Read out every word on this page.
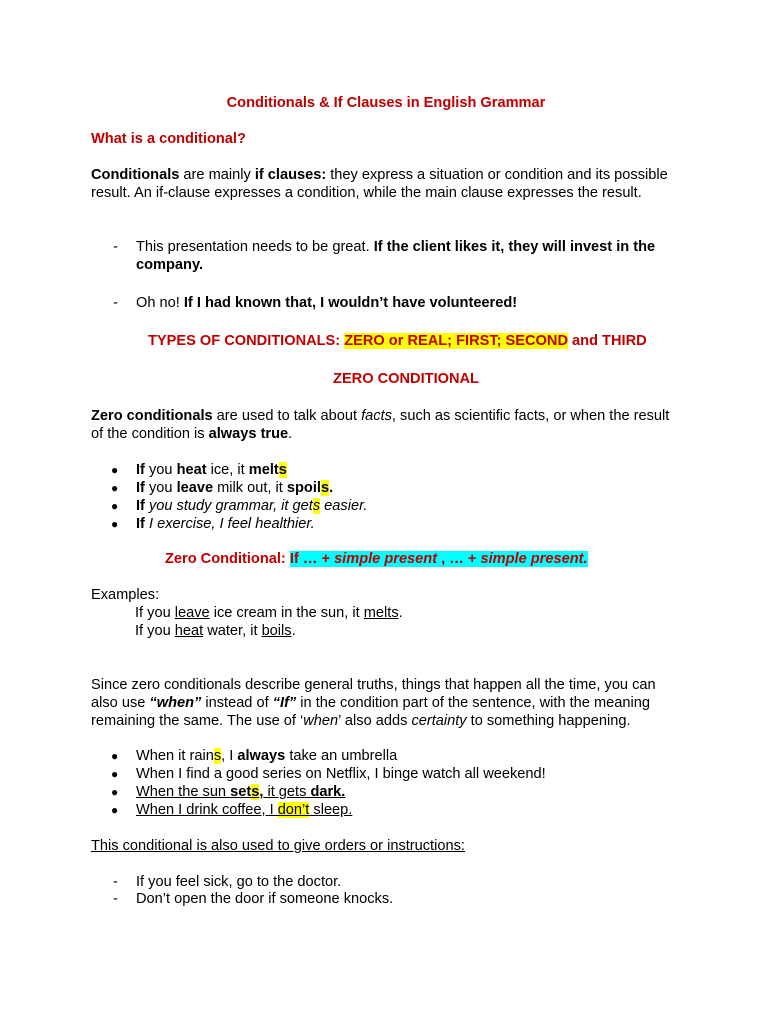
Conditionals & If Clauses in English Grammar
What is a conditional?
Conditionals are mainly if clauses: they express a situation or condition and its possible result. An if-clause expresses a condition, while the main clause expresses the result.
- This presentation needs to be great. If the client likes it, they will invest in the company.
- Oh no! If I had known that, I wouldn’t have volunteered!
TYPES OF CONDITIONALS: ZERO or REAL; FIRST; SECOND and THIRD
ZERO CONDITIONAL
Zero conditionals are used to talk about facts, such as scientific facts, or when the result of the condition is always true.
● If you heat ice, it melts
● If you leave milk out, it spoils.
● If you study grammar, it gets easier.
● If I exercise, I feel healthier.
Zero Conditional: If … + simple present , … + simple present.
Examples:
If you leave ice cream in the sun, it melts.
If you heat water, it boils.
Since zero conditionals describe general truths, things that happen all the time, you can also use “when” instead of “If” in the condition part of the sentence, with the meaning remaining the same. The use of ‘when’ also adds certainty to something happening.
● When it rains, I always take an umbrella
● When I find a good series on Netflix, I binge watch all weekend!
● When the sun sets, it gets dark.
● When I drink coffee, I don’t sleep.
This conditional is also used to give orders or instructions:
- If you feel sick, go to the doctor.
- Don’t open the door if someone knocks.
